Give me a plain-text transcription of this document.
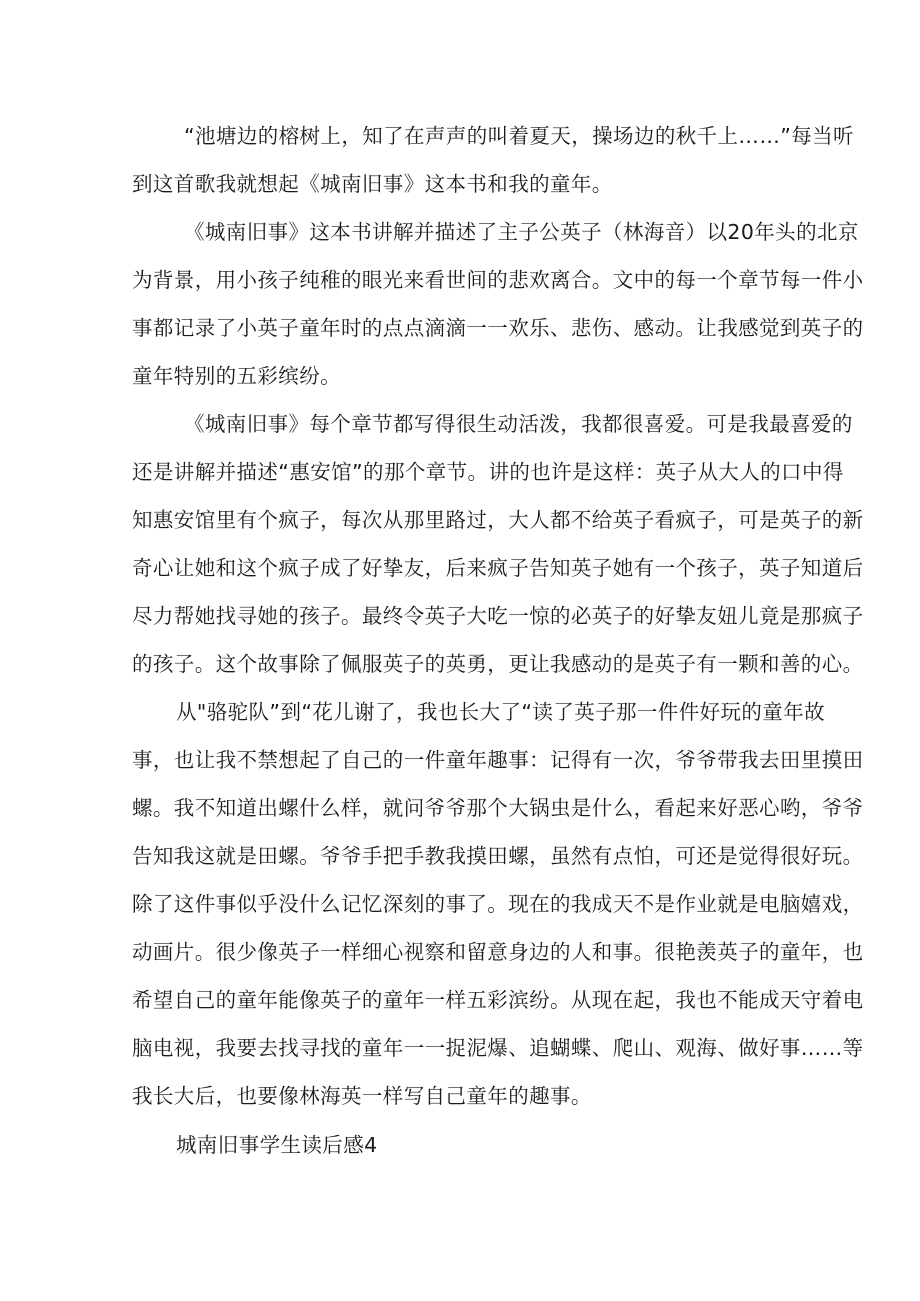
“池塘边的榕树上，知了在声声的叫着夏天，操场边的秋千上……”每当听
到这首歌我就想起《城南旧事》这本书和我的童年。
《城南旧事》这本书讲解并描述了主子公英子（林海音）以20年头的北京
为背景，用小孩子纯稚的眼光来看世间的悲欢离合。文中的每一个章节每一件小
事都记录了小英子童年时的点点滴滴一一欢乐、悲伤、感动。让我感觉到英子的
童年特别的五彩缤纷。
《城南旧事》每个章节都写得很生动活泼，我都很喜爱。可是我最喜爱的
还是讲解并描述“惠安馆”的那个章节。讲的也许是这样：英子从大人的口中得
知惠安馆里有个疯子，每次从那里路过，大人都不给英子看疯子，可是英子的新
奇心让她和这个疯子成了好挚友，后来疯子告知英子她有一个孩子，英子知道后
尽力帮她找寻她的孩子。最终令英子大吃一惊的必英子的好挚友妞儿竟是那疯子
的孩子。这个故事除了佩服英子的英勇，更让我感动的是英子有一颗和善的心。
从"骆驼队”到“花儿谢了，我也长大了“读了英子那一件件好玩的童年故
事，也让我不禁想起了自己的一件童年趣事：记得有一次，爷爷带我去田里摸田
螺。我不知道出螺什么样，就问爷爷那个大锅虫是什么，看起来好恶心哟，爷爷
告知我这就是田螺。爷爷手把手教我摸田螺，虽然有点怕，可还是觉得很好玩。
除了这件事似乎没什么记忆深刻的事了。现在的我成天不是作业就是电脑嬉戏，
动画片。很少像英子一样细心视察和留意身边的人和事。很艳羡英子的童年，也
希望自己的童年能像英子的童年一样五彩滨纷。从现在起，我也不能成天守着电
脑电视，我要去找寻找的童年一一捉泥爆、追蝴蝶、爬山、观海、做好事……等
我长大后，也要像林海英一样写自己童年的趣事。
城南旧事学生读后感4
